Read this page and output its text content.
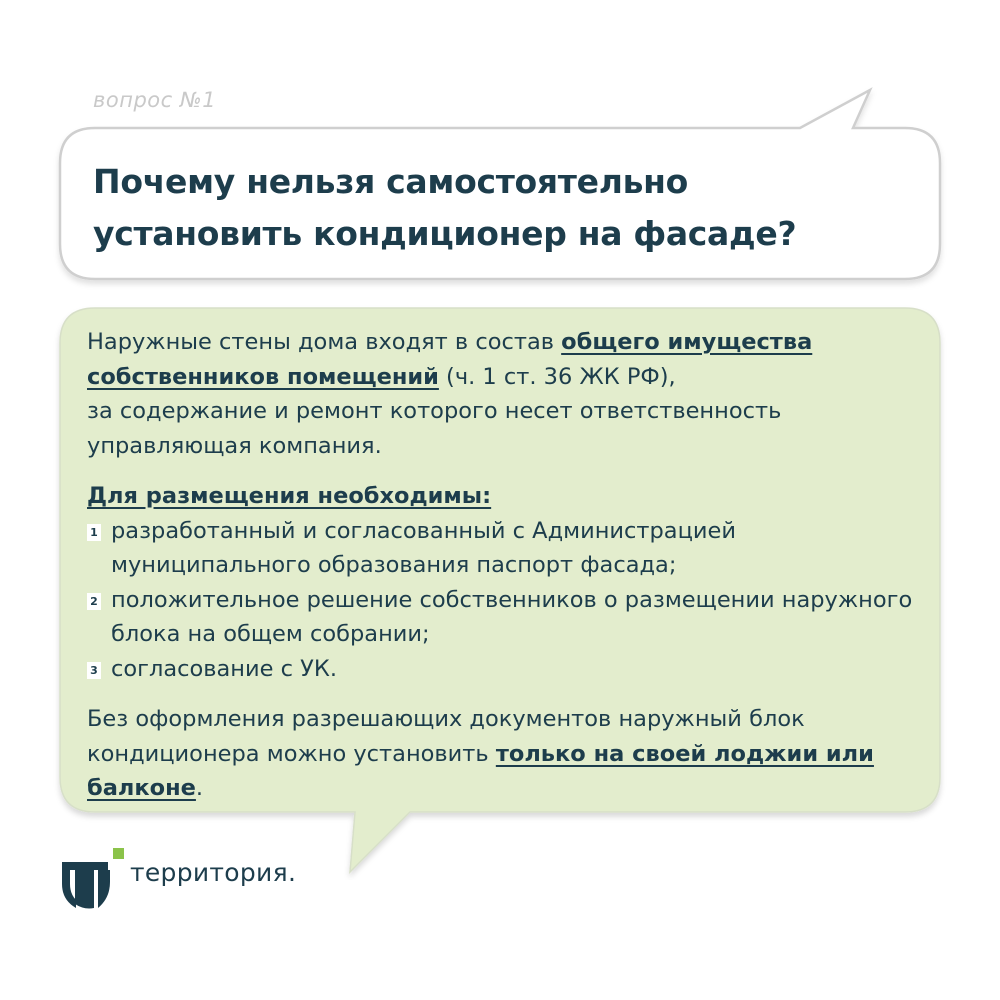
вопрос №1
Почему нельзя самостоятельно
установить кондиционер на фасаде?

Наружные стены дома входят в состав общего имущества собственников помещений (ч. 1 ст. 36 ЖК РФ),
за содержание и ремонт которого несет ответственность управляющая компания.

Для размещения необходимы:
1 разработанный и согласованный с Администрацией муниципального образования паспорт фасада;
2 положительное решение собственников о размещении наружного блока на общем собрании;
3 согласование с УК.

Без оформления разрешающих документов наружный блок кондиционера можно установить только на своей лоджии или балконе.

территория.
